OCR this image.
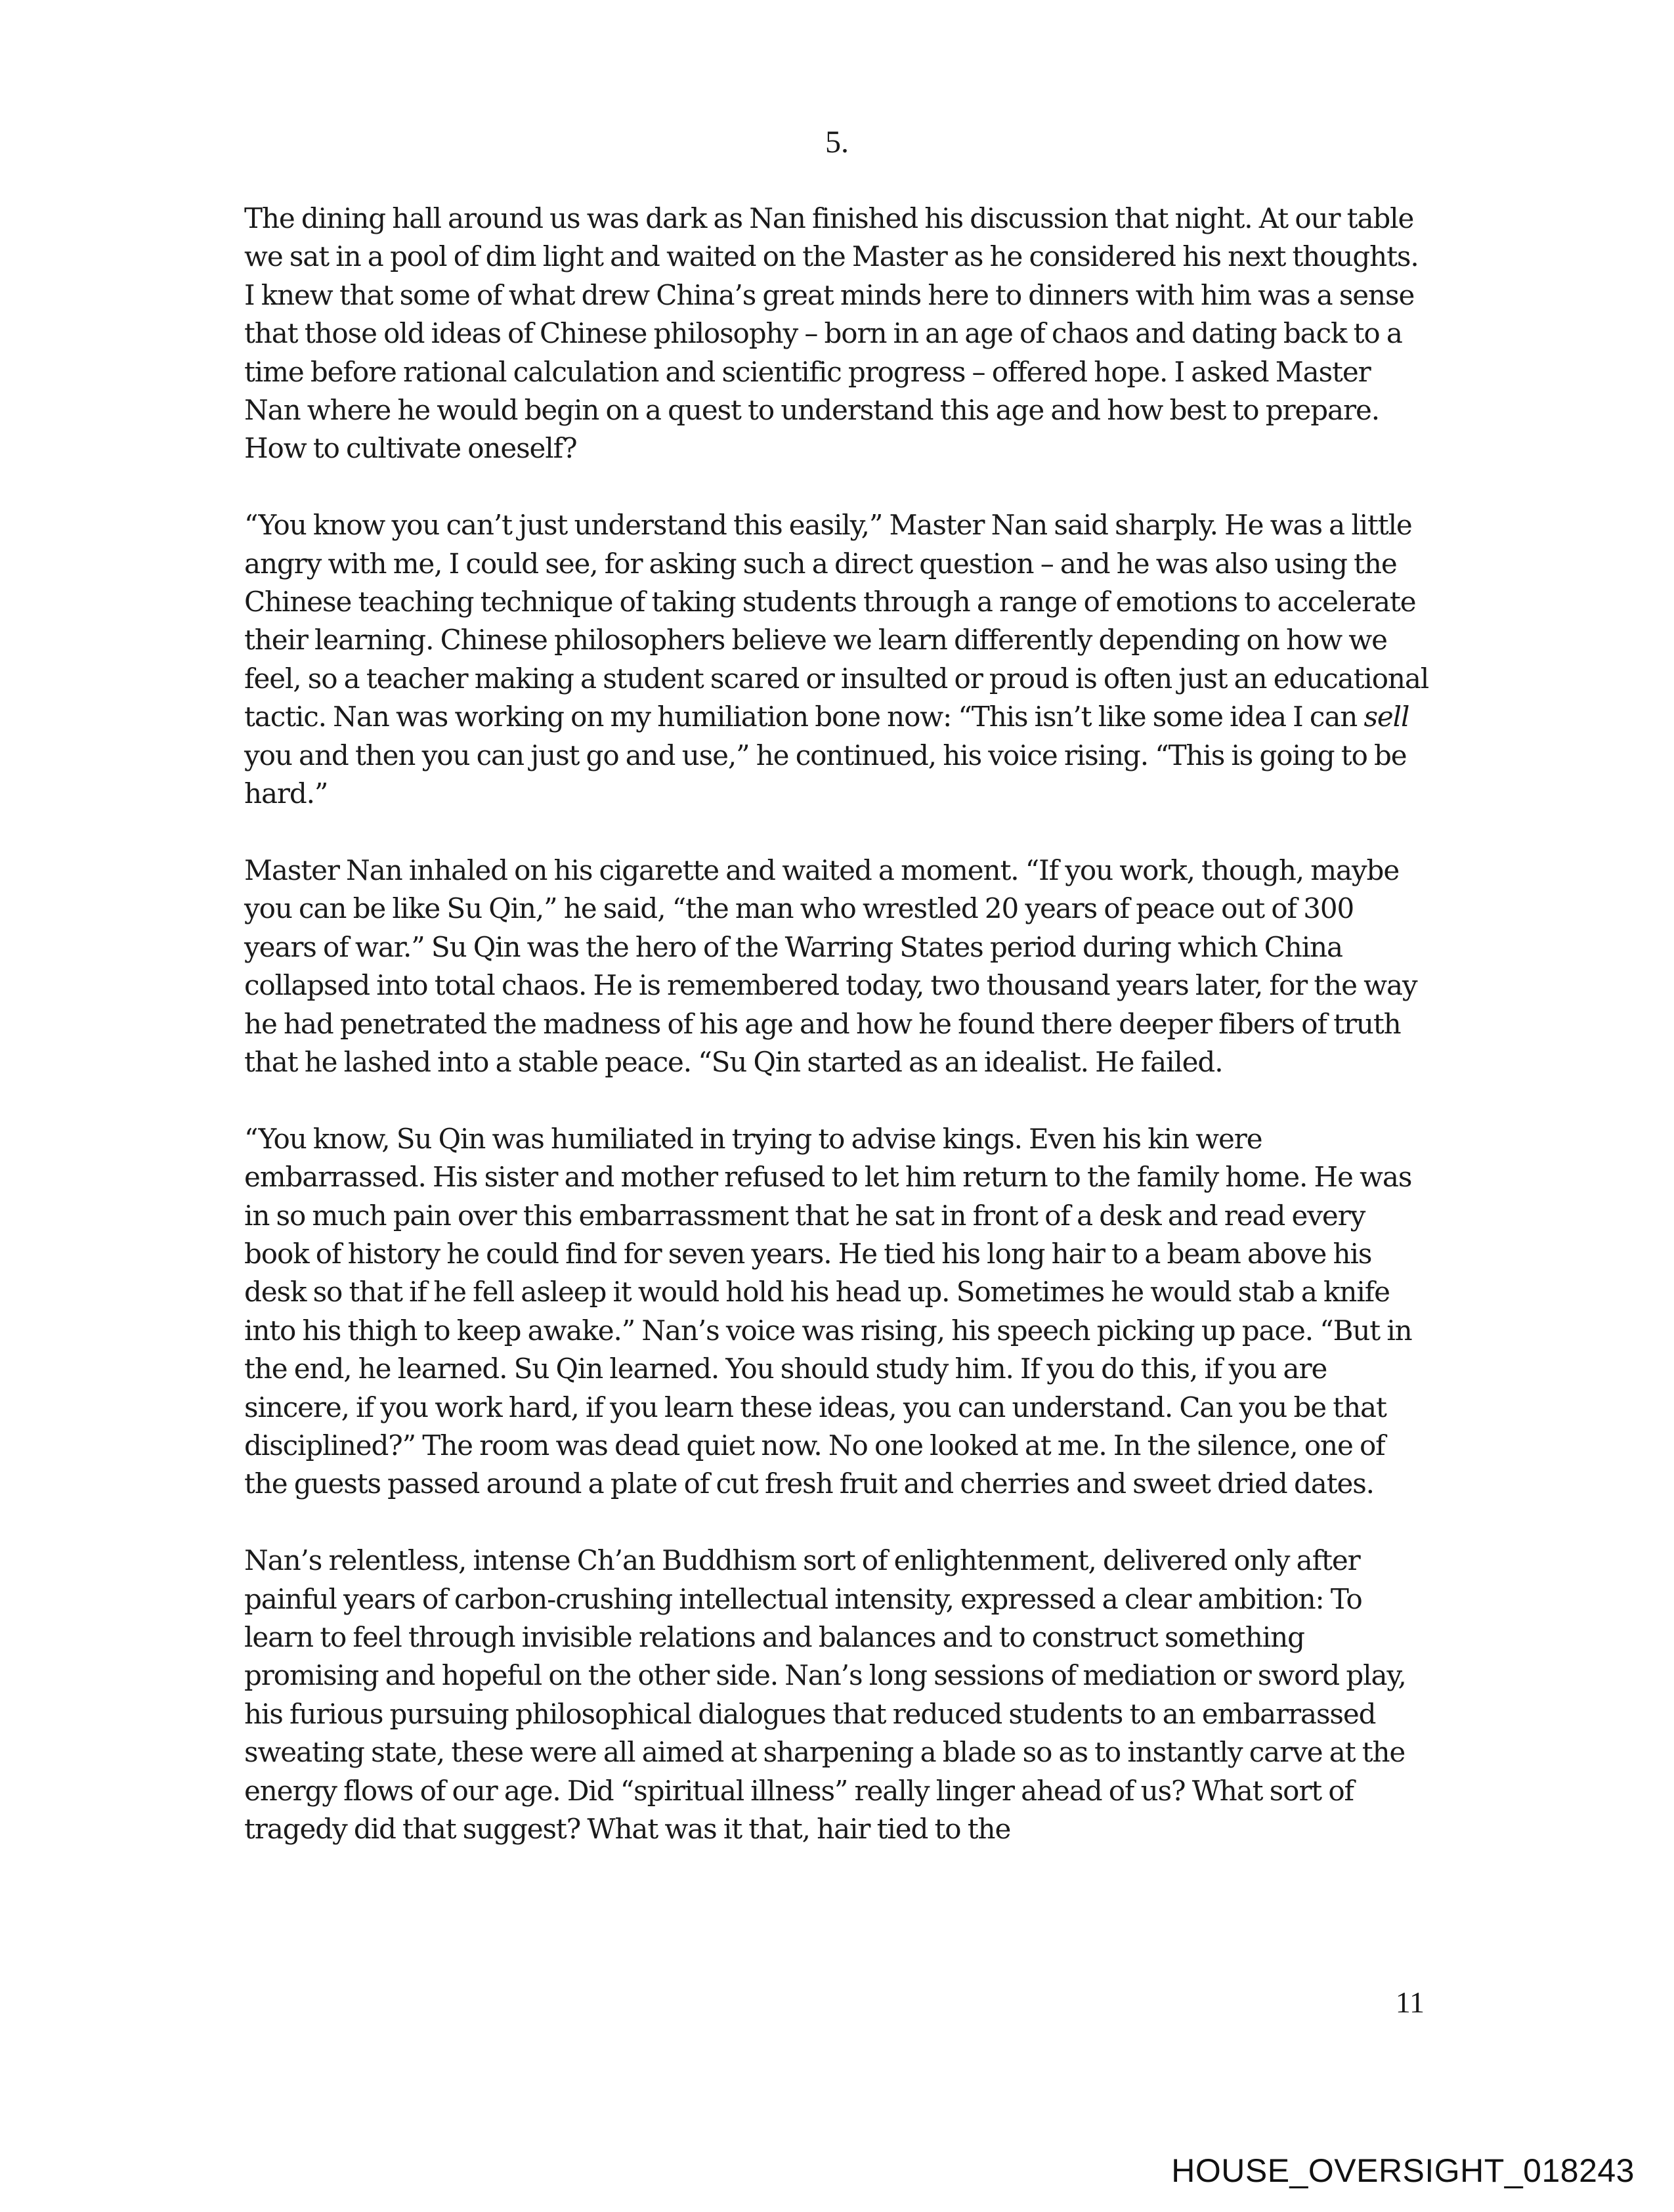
5.

The dining hall around us was dark as Nan finished his discussion that night. At our table we sat in a pool of dim light and waited on the Master as he considered his next thoughts. I knew that some of what drew China’s great minds here to dinners with him was a sense that those old ideas of Chinese philosophy – born in an age of chaos and dating back to a time before rational calculation and scientific progress – offered hope. I asked Master Nan where he would begin on a quest to understand this age and how best to prepare. How to cultivate oneself?

“You know you can’t just understand this easily,” Master Nan said sharply. He was a little angry with me, I could see, for asking such a direct question – and he was also using the Chinese teaching technique of taking students through a range of emotions to accelerate their learning. Chinese philosophers believe we learn differently depending on how we feel, so a teacher making a student scared or insulted or proud is often just an educational tactic. Nan was working on my humiliation bone now: “This isn’t like some idea I can sell you and then you can just go and use,” he continued, his voice rising. “This is going to be hard.”

Master Nan inhaled on his cigarette and waited a moment. “If you work, though, maybe you can be like Su Qin,” he said, “the man who wrestled 20 years of peace out of 300 years of war.” Su Qin was the hero of the Warring States period during which China collapsed into total chaos. He is remembered today, two thousand years later, for the way he had penetrated the madness of his age and how he found there deeper fibers of truth that he lashed into a stable peace. “Su Qin started as an idealist. He failed.

“You know, Su Qin was humiliated in trying to advise kings. Even his kin were embarrassed. His sister and mother refused to let him return to the family home. He was in so much pain over this embarrassment that he sat in front of a desk and read every book of history he could find for seven years. He tied his long hair to a beam above his desk so that if he fell asleep it would hold his head up. Sometimes he would stab a knife into his thigh to keep awake.” Nan’s voice was rising, his speech picking up pace. “But in the end, he learned. Su Qin learned. You should study him. If you do this, if you are sincere, if you work hard, if you learn these ideas, you can understand. Can you be that disciplined?” The room was dead quiet now. No one looked at me. In the silence, one of the guests passed around a plate of cut fresh fruit and cherries and sweet dried dates.

Nan’s relentless, intense Ch’an Buddhism sort of enlightenment, delivered only after painful years of carbon-crushing intellectual intensity, expressed a clear ambition: To learn to feel through invisible relations and balances and to construct something promising and hopeful on the other side. Nan’s long sessions of mediation or sword play, his furious pursuing philosophical dialogues that reduced students to an embarrassed sweating state, these were all aimed at sharpening a blade so as to instantly carve at the energy flows of our age. Did “spiritual illness” really linger ahead of us? What sort of tragedy did that suggest? What was it that, hair tied to the

11
HOUSE_OVERSIGHT_018243
